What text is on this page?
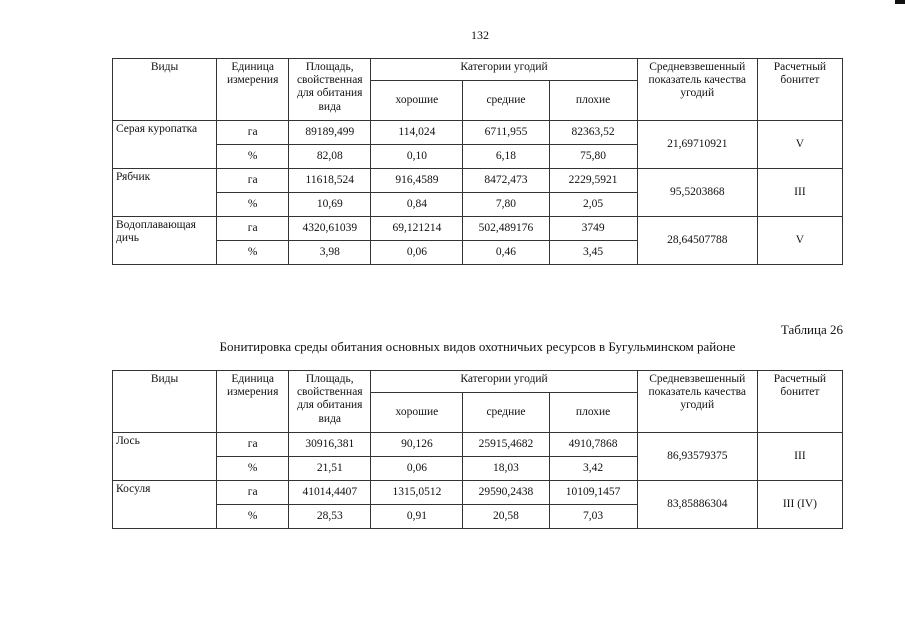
132
Виды	Единица измерения	Площадь, свойственная для обитания вида	Категории угодий			Средневзвешенный показатель качества угодий	Расчетный бонитет
			хорошие	средние	плохие		
Серая куропатка	га	89189,499	114,024	6711,955	82363,52	21,69710921	V
	%	82,08	0,10	6,18	75,80		
Рябчик	га	11618,524	916,4589	8472,473	2229,5921	95,5203868	III
	%	10,69	0,84	7,80	2,05		
Водоплавающая дичь	га	4320,61039	69,121214	502,489176	3749	28,64507788	V
	%	3,98	0,06	0,46	3,45		
Таблица 26
Бонитировка среды обитания основных видов охотничьих ресурсов в Бугульминском районе
Виды	Единица измерения	Площадь, свойственная для обитания вида	Категории угодий			Средневзвешенный показатель качества угодий	Расчетный бонитет
			хорошие	средние	плохие		
Лось	га	30916,381	90,126	25915,4682	4910,7868	86,93579375	III
	%	21,51	0,06	18,03	3,42		
Косуля	га	41014,4407	1315,0512	29590,2438	10109,1457	83,85886304	III (IV)
	%	28,53	0,91	20,58	7,03		
